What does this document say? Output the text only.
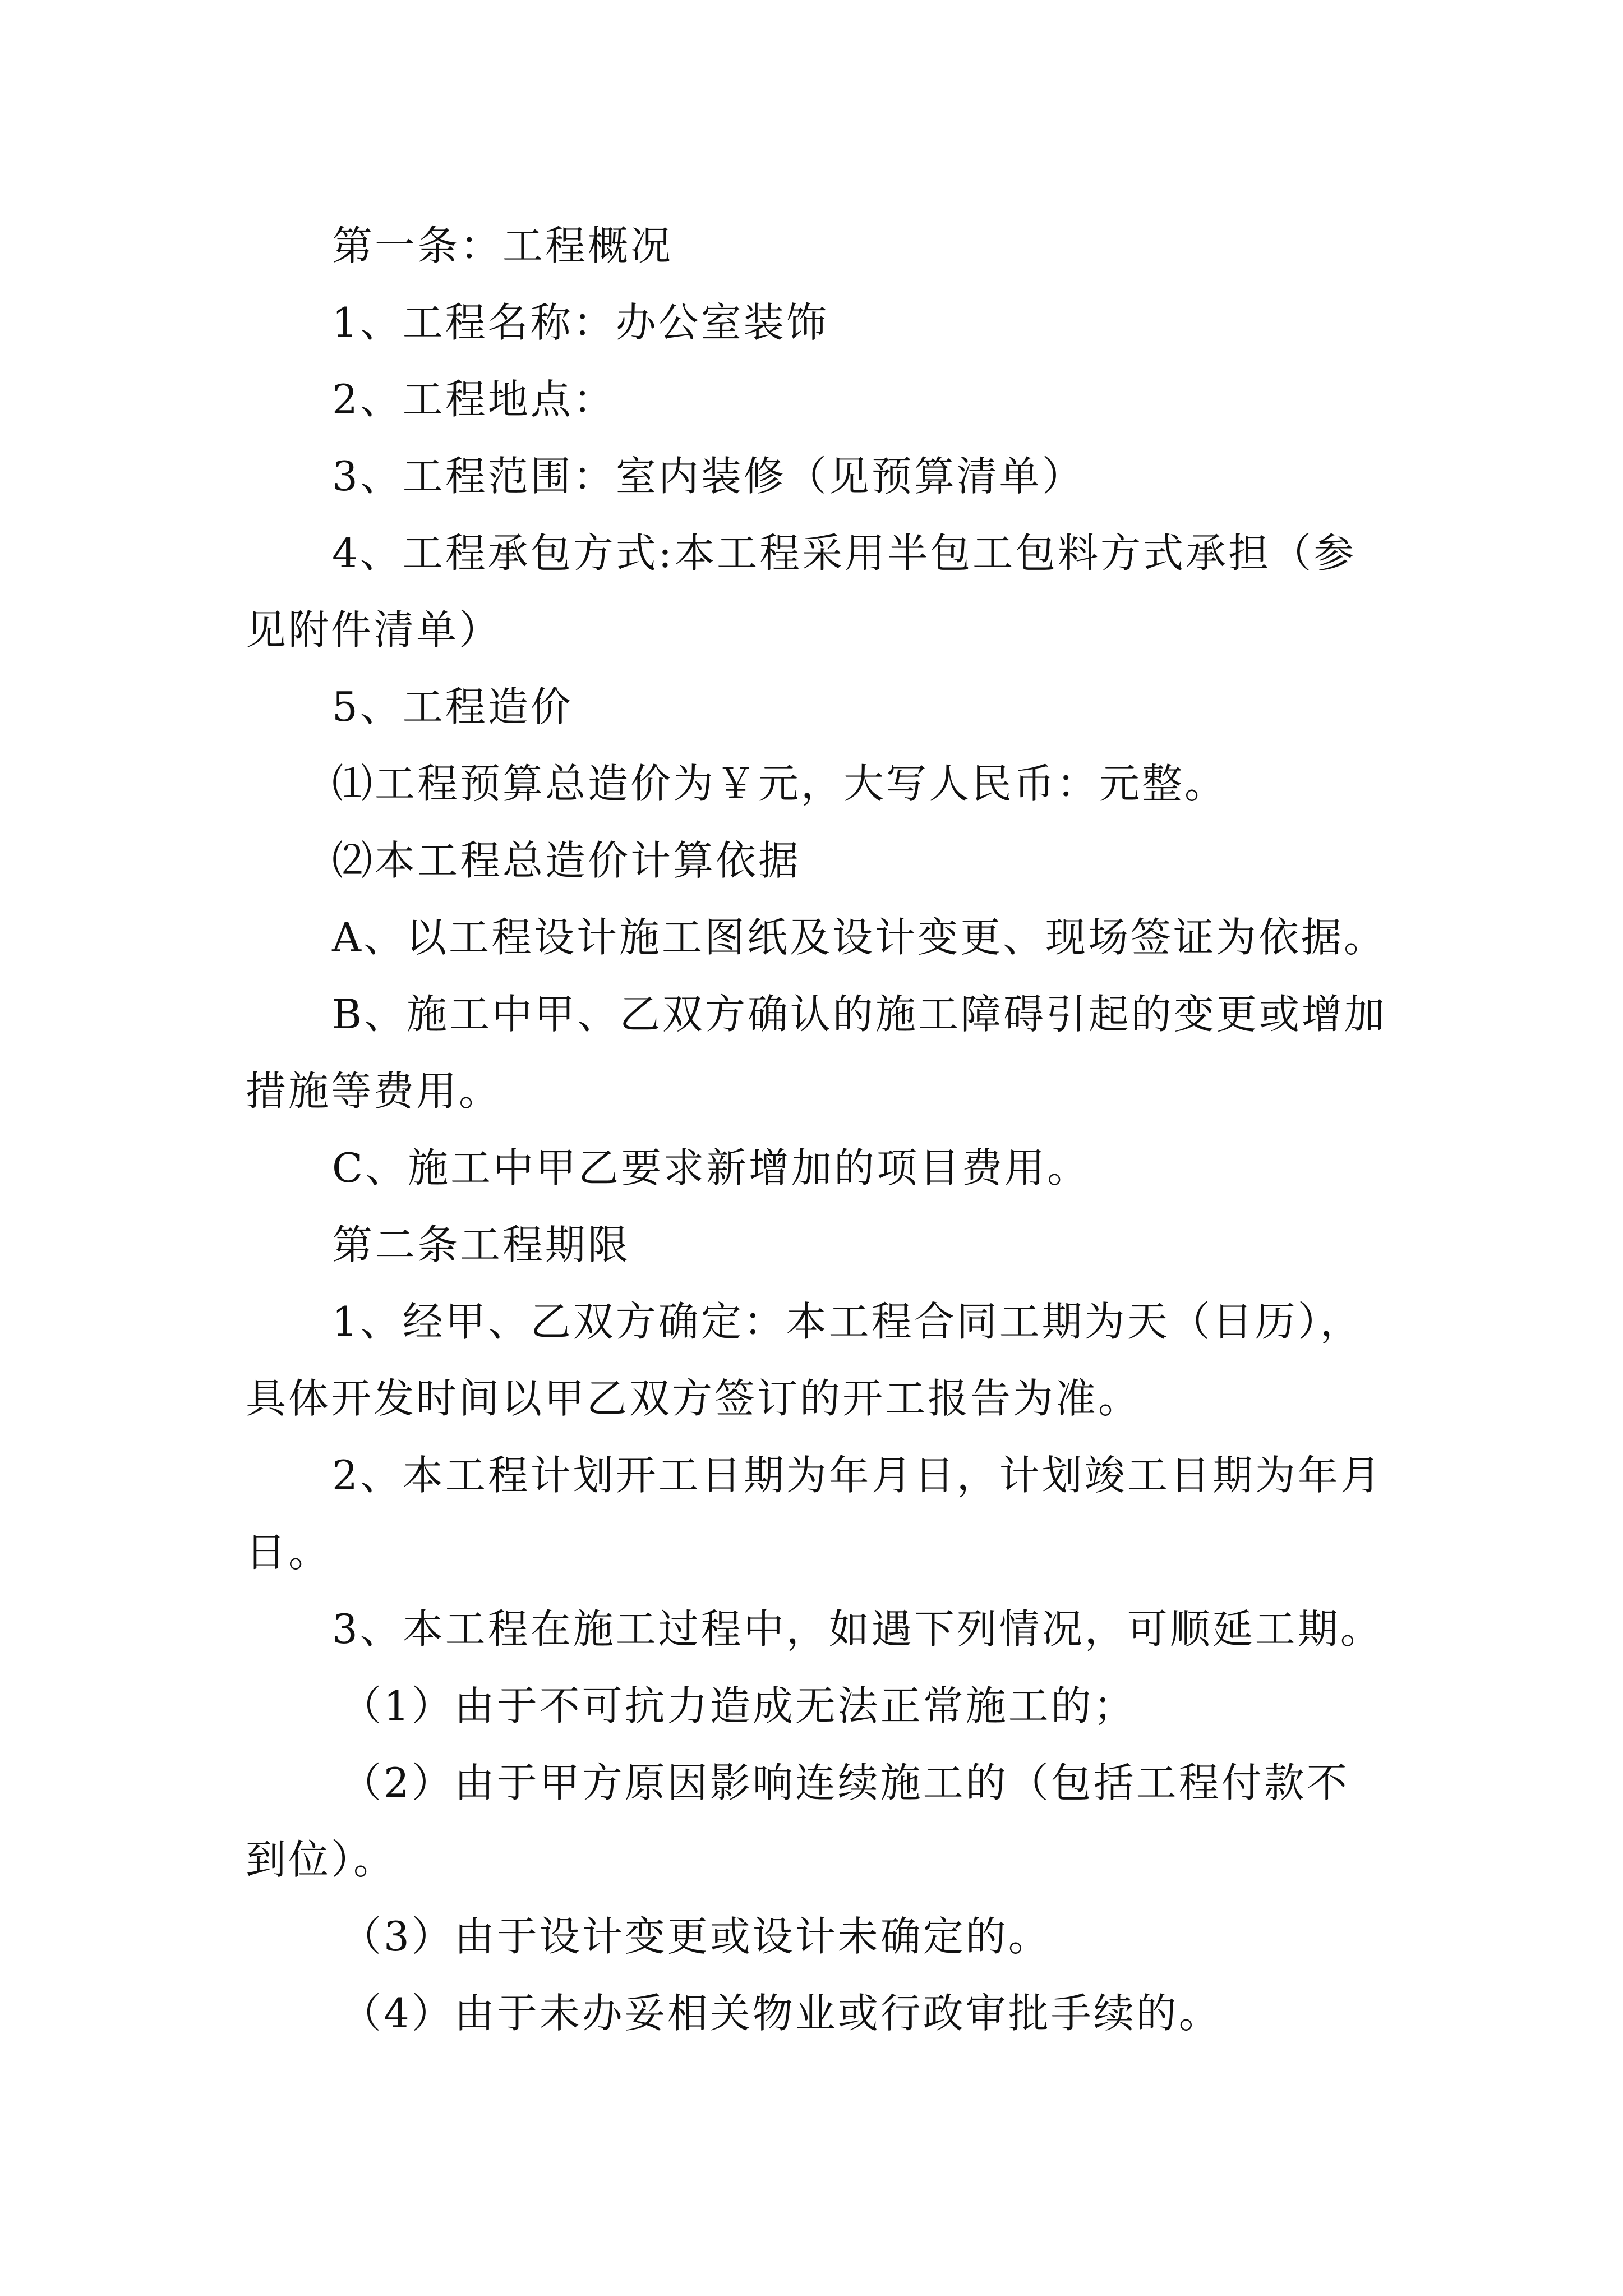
第一条：工程概况

1、工程名称：办公室装饰

2、工程地点：

3、工程范围：室内装修（见预算清单）

4、工程承包方式:本工程采用半包工包料方式承担（参见附件清单）

5、工程造价

⑴工程预算总造价为￥元，大写人民币：元整。

⑵本工程总造价计算依据

A、以工程设计施工图纸及设计变更、现场签证为依据。

B、施工中甲、乙双方确认的施工障碍引起的变更或增加措施等费用。

C、施工中甲乙要求新增加的项目费用。

第二条工程期限

1、经甲、乙双方确定：本工程合同工期为天（日历），具体开发时间以甲乙双方签订的开工报告为准。

2、本工程计划开工日期为年月日，计划竣工日期为年月日。

3、本工程在施工过程中，如遇下列情况，可顺延工期。

（1）由于不可抗力造成无法正常施工的；

（2）由于甲方原因影响连续施工的（包括工程付款不到位）。

（3）由于设计变更或设计未确定的。

（4）由于未办妥相关物业或行政审批手续的。
